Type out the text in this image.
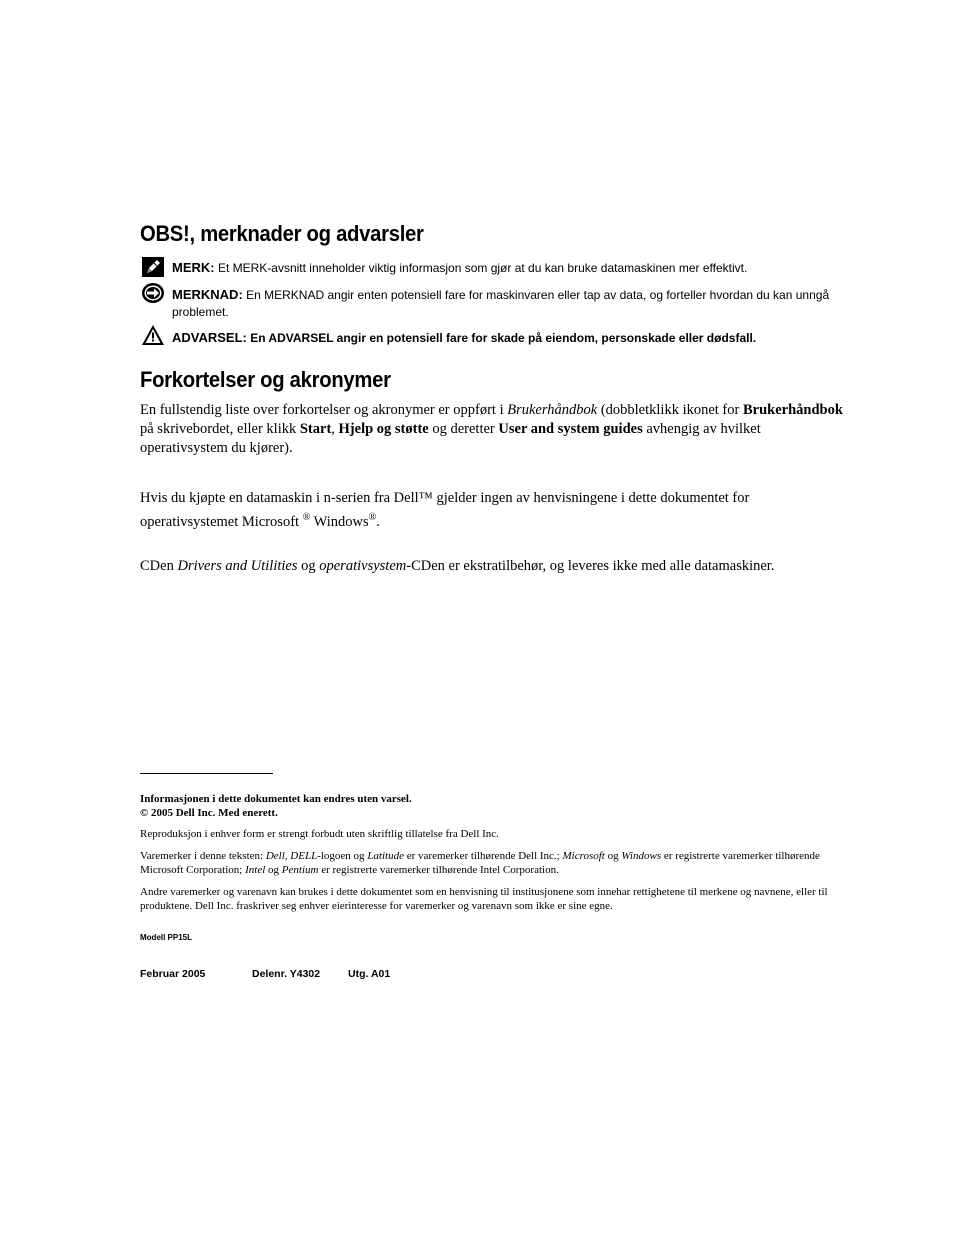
OBS!, merknader og advarsler
MERK: Et MERK-avsnitt inneholder viktig informasjon som gjør at du kan bruke datamaskinen mer effektivt.
MERKNAD: En MERKNAD angir enten potensiell fare for maskinvaren eller tap av data, og forteller hvordan du kan unngå problemet.
ADVARSEL: En ADVARSEL angir en potensiell fare for skade på eiendom, personskade eller dødsfall.
Forkortelser og akronymer
En fullstendig liste over forkortelser og akronymer er oppført i Brukerhåndbok (dobbletklikk ikonet for Brukerhåndbok på skrivebordet, eller klikk Start, Hjelp og støtte og deretter User and system guides avhengig av hvilket operativsystem du kjører).
Hvis du kjøpte en datamaskin i n-serien fra Dell™ gjelder ingen av henvisningene i dette dokumentet for operativsystemet Microsoft ® Windows®.
CDen Drivers and Utilities og operativsystem-CDen er ekstratilbehør, og leveres ikke med alle datamaskiner.
Informasjonen i dette dokumentet kan endres uten varsel.
© 2005 Dell Inc. Med enerett.
Reproduksjon i enhver form er strengt forbudt uten skriftlig tillatelse fra Dell Inc.
Varemerker i denne teksten: Dell, DELL-logoen og Latitude er varemerker tilhørende Dell Inc.; Microsoft og Windows er registrerte varemerker tilhørende Microsoft Corporation; Intel og Pentium er registrerte varemerker tilhørende Intel Corporation.
Andre varemerker og varenavn kan brukes i dette dokumentet som en henvisning til institusjonene som innehar rettighetene til merkene og navnene, eller til produktene. Dell Inc. fraskriver seg enhver eierinteresse for varemerker og varenavn som ikke er sine egne.
Modell PP15L
Februar 2005	Delenr. Y4302	Utg. A01
